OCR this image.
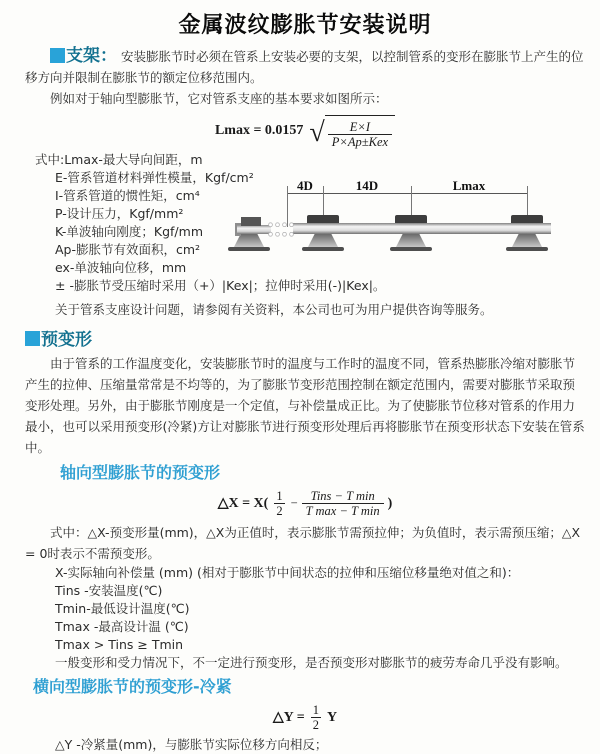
金属波纹膨胀节安装说明

支架： 安装膨胀节时必须在管系上安装必要的支架，以控制管系的变形在膨胀节上产生的位移方向并限制在膨胀节的额定位移范围内。

例如对于轴向型膨胀节，它对管系支座的基本要求如图所示：

Lmax = 0.0157 √ $\frac{E\times I}{\text{P×Ap±Kex}}$
式中:Lmax-最大导向间距，m
E-管系管道材料弹性模量，Kgf/cm²
I-管系管道的惯性矩，cm⁴
P-设计压力，Kgf/mm²
K-单波轴向刚度；Kgf/mm
Ap-膨胀节有效面积，cm²
ex-单波轴向位移，mm
± -膨胀节受压缩时采用（+）|Kex|；拉伸时采用(-)|Kex|。
4D	14D	Lmax

关于管系支座设计问题，请参阅有关资料，本公司也可为用户提供咨询等服务。

预变形

由于管系的工作温度变化，安装膨胀节时的温度与工作时的温度不同，管系热膨胀冷缩对膨胀节产生的拉伸、压缩量常常是不均等的，为了膨胀节变形范围控制在额定范围内，需要对膨胀节采取预变形处理。另外，由于膨胀节刚度是一个定值，与补偿量成正比。为了使膨胀节位移对管系的作用力最小，也可以采用预变形(冷紧)方让对膨胀节进行预变形处理后再将膨胀节在预变形状态下安装在管系中。

轴向型膨胀节的预变形
△X = $X( \frac{1}{2} - \frac{\text{Tins − T min}}{\text{T max − T min}}$ )

式中：△X-预变形量(mm)，△X为正值时，表示膨胀节需预拉伸；为负值时，表示需预压缩；△X = 0时表示不需预变形。

X-实际轴向补偿量 (mm) (相对于膨胀节中间状态的拉伸和压缩位移量绝对值之和)：
Tins -安装温度(℃)
Tmin-最低设计温度(℃)
Tmax -最高设计温 (℃)
Tmax > Tins ≥ Tmin
一般变形和受力情况下，不一定进行预变形，是否预变形对膨胀节的疲劳寿命几乎没有影响。
横向型膨胀节的预变形-冷紧
△Y = $\frac{1}{2}$ Y
△Y -冷紧量(mm)，与膨胀节实际位移方向相反；
